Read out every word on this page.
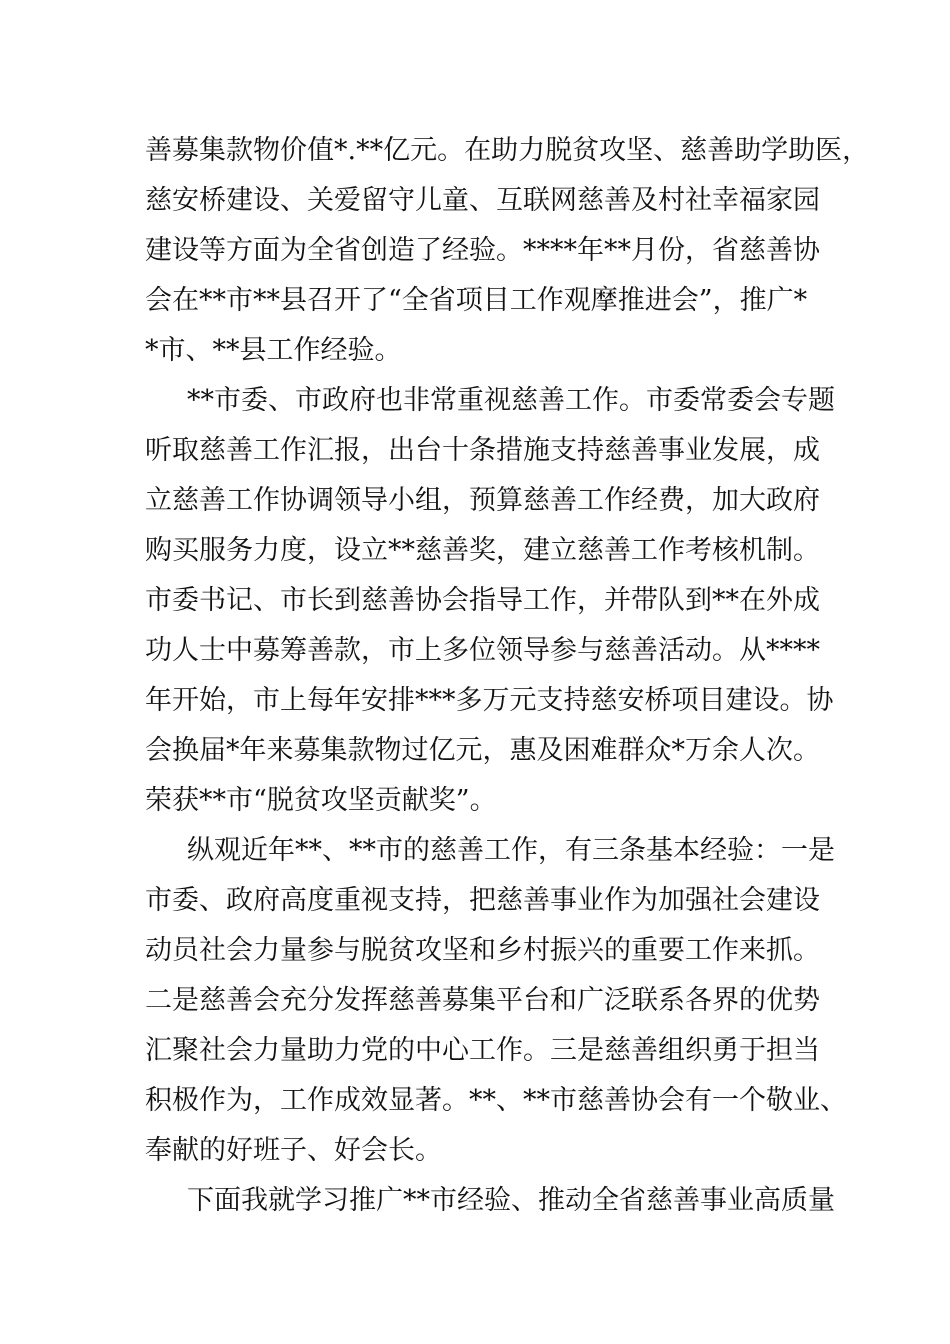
善募集款物价值*.**亿元。在助力脱贫攻坚、慈善助学助医，
慈安桥建设、关爱留守儿童、互联网慈善及村社幸福家园
建设等方面为全省创造了经验。****年**月份，省慈善协
会在**市**县召开了“全省项目工作观摩推进会”，推广*
*市、**县工作经验。
**市委、市政府也非常重视慈善工作。市委常委会专题
听取慈善工作汇报，出台十条措施支持慈善事业发展，成
立慈善工作协调领导小组，预算慈善工作经费，加大政府
购买服务力度，设立**慈善奖，建立慈善工作考核机制。
市委书记、市长到慈善协会指导工作，并带队到**在外成
功人士中募筹善款，市上多位领导参与慈善活动。从****
年开始，市上每年安排***多万元支持慈安桥项目建设。协
会换届*年来募集款物过亿元，惠及困难群众*万余人次。
荣获**市“脱贫攻坚贡献奖”。
纵观近年**、**市的慈善工作，有三条基本经验：一是
市委、政府高度重视支持，把慈善事业作为加强社会建设
动员社会力量参与脱贫攻坚和乡村振兴的重要工作来抓。
二是慈善会充分发挥慈善募集平台和广泛联系各界的优势
汇聚社会力量助力党的中心工作。三是慈善组织勇于担当
积极作为，工作成效显著。**、**市慈善协会有一个敬业、
奉献的好班子、好会长。
下面我就学习推广**市经验、推动全省慈善事业高质量
